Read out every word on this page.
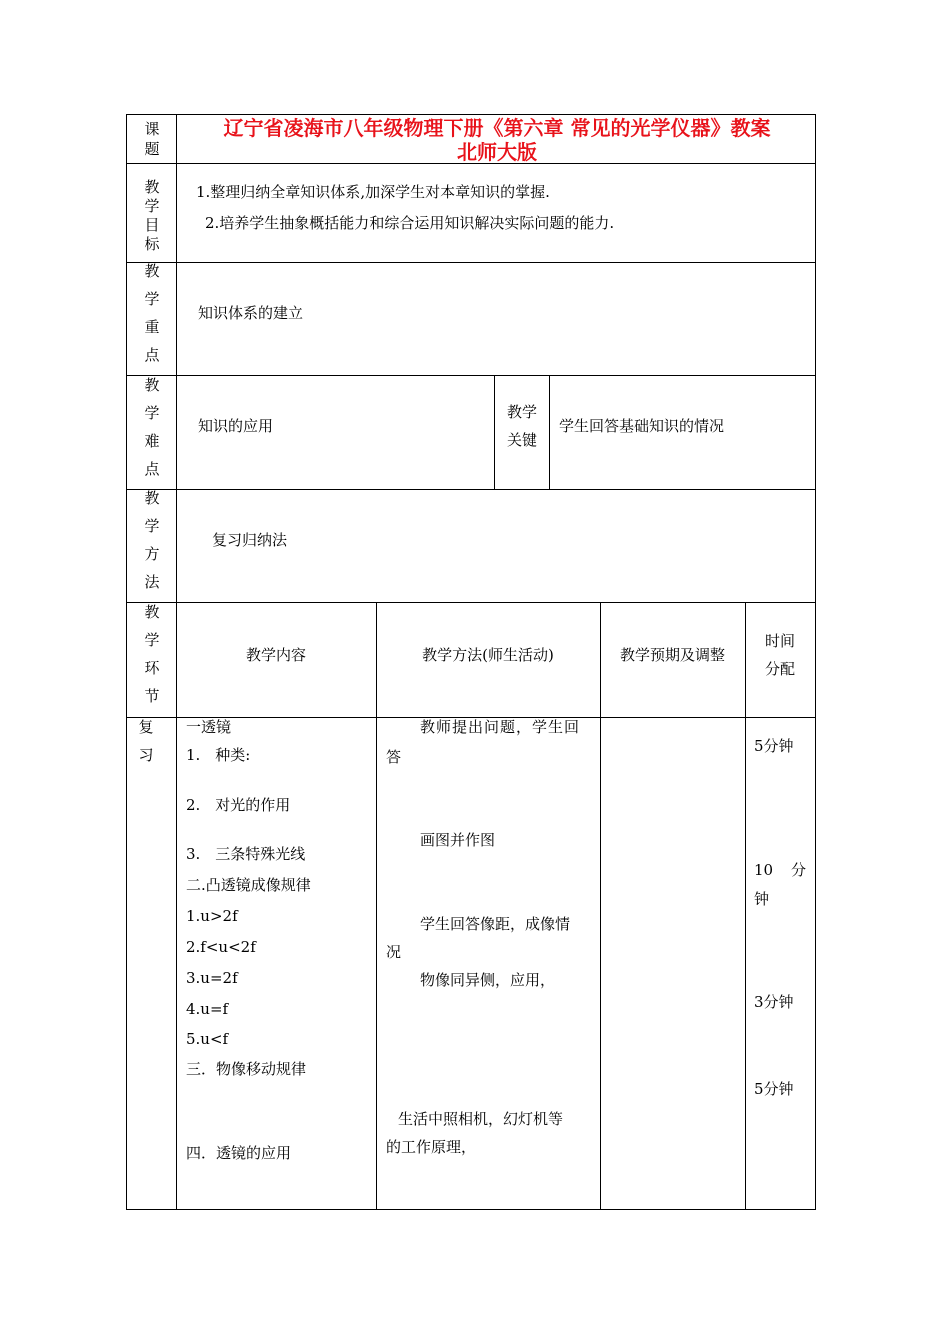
课
题
辽宁省凌海市八年级物理下册《第六章 常见的光学仪器》教案
北师大版
教
学
目
标
1.整理归纳全章知识体系,加深学生对本章知识的掌握.
2.培养学生抽象概括能力和综合运用知识解决实际问题的能力.
教
学
重
点
知识体系的建立
教
学
难
点
知识的应用
教学
关键
学生回答基础知识的情况
教
学
方
法
复习归纳法
教
学
环
节
教学内容	教学方法(师生活动)	教学预期及调整
时间
分配
复
习
一透镜
1.　种类:
2.　对光的作用
3.　三条特殊光线
二.凸透镜成像规律
1.u>2f
2.f<u<2f
3.u=2f
4.u=f
5.u<f
三．物像移动规律
四．透镜的应用
教师提出问题，学生回
答
画图并作图
学生回答像距，成像情
况
物像同异侧，应用，
生活中照相机，幻灯机等
的工作原理，
5分钟
10　分
钟
3分钟
5分钟
